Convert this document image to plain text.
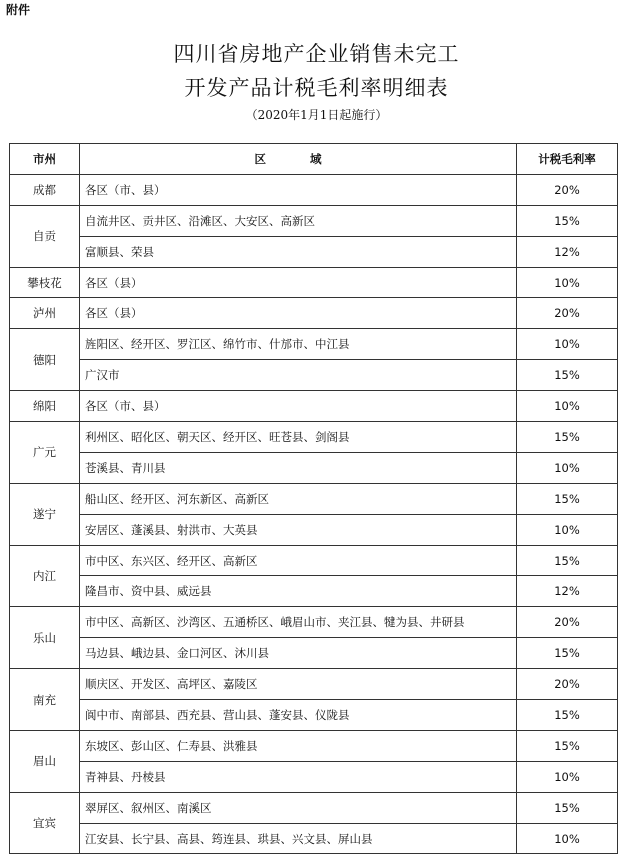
附件
四川省房地产企业销售未完工
开发产品计税毛利率明细表
（2020年1月1日起施行）
市州	区 域	计税毛利率
成都	各区（市、县）	20%
自贡	自流井区、贡井区、沿滩区、大安区、高新区	15%
	富顺县、荣县	12%
攀枝花	各区（县）	10%
泸州	各区（县）	20%
德阳	旌阳区、经开区、罗江区、绵竹市、什邡市、中江县	10%
	广汉市	15%
绵阳	各区（市、县）	10%
广元	利州区、昭化区、朝天区、经开区、旺苍县、剑阁县	15%
	苍溪县、青川县	10%
遂宁	船山区、经开区、河东新区、高新区	15%
	安居区、蓬溪县、射洪市、大英县	10%
内江	市中区、东兴区、经开区、高新区	15%
	隆昌市、资中县、威远县	12%
乐山	市中区、高新区、沙湾区、五通桥区、峨眉山市、夹江县、犍为县、井研县	20%
	马边县、峨边县、金口河区、沐川县	15%
南充	顺庆区、开发区、高坪区、嘉陵区	20%
	阆中市、南部县、西充县、营山县、蓬安县、仪陇县	15%
眉山	东坡区、彭山区、仁寿县、洪雅县	15%
	青神县、丹棱县	10%
宜宾	翠屏区、叙州区、南溪区	15%
	江安县、长宁县、高县、筠连县、珙县、兴文县、屏山县	10%
